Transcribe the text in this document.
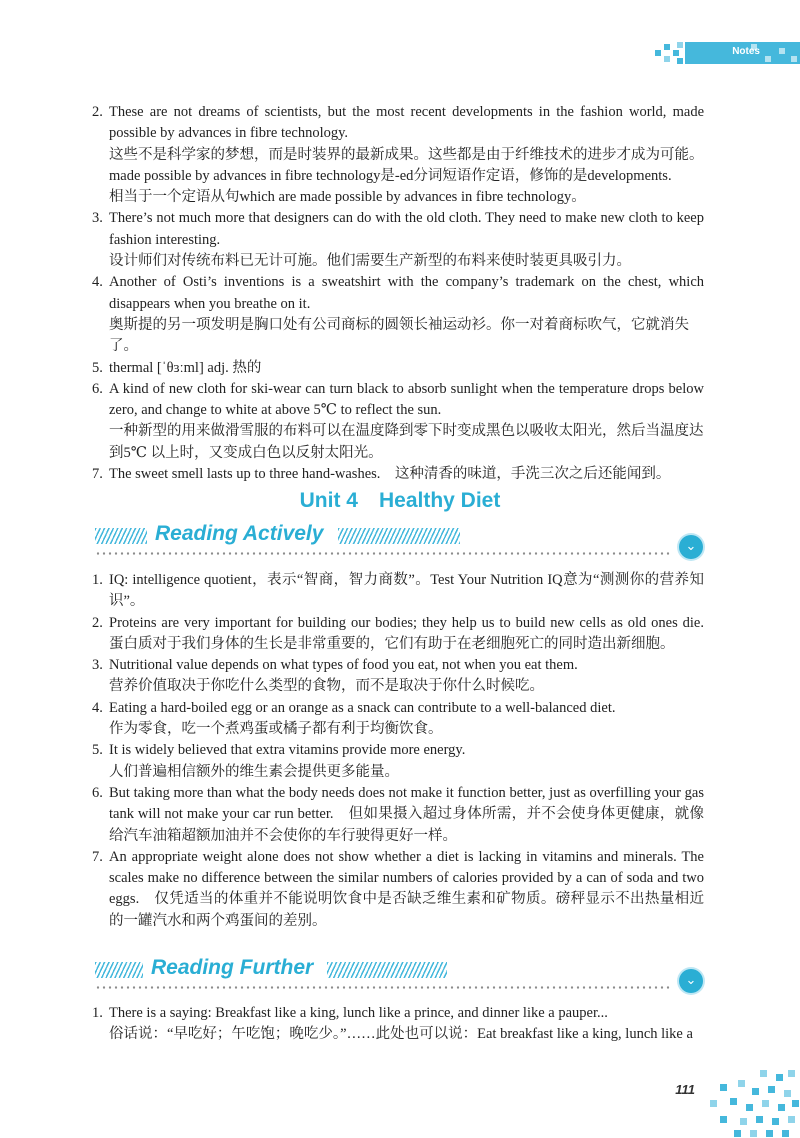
Notes
2. These are not dreams of scientists, but the most recent developments in the fashion world, made possible by advances in fibre technology.

这些不是科学家的梦想，而是时装界的最新成果。这些都是由于纤维技术的进步才成为可能。

made possible by advances in fibre technology是-ed分词短语作定语，修饰的是developments.

相当于一个定语从句which are made possible by advances in fibre technology。

3. There’s not much more that designers can do with the old cloth. They need to make new cloth to keep fashion interesting.

设计师们对传统布料已无计可施。他们需要生产新型的布料来使时装更具吸引力。

4. Another of Osti’s inventions is a sweatshirt with the company’s trademark on the chest, which disappears when you breathe on it.

奥斯提的另一项发明是胸口处有公司商标的圆领长袖运动衫。你一对着商标吹气，它就消失了。

5. thermal [ˈθɜːml] adj. 热的

6. A kind of new cloth for ski-wear can turn black to absorb sunlight when the temperature drops below zero, and change to white at above 5℃ to reflect the sun.

一种新型的用来做滑雪服的布料可以在温度降到零下时变成黑色以吸收太阳光，然后当温度达到5℃ 以上时，又变成白色以反射太阳光。

7. The sweet smell lasts up to three hand-washes.　这种清香的味道，手洗三次之后还能闻到。

Unit 4　Healthy Diet
Reading Actively
⌄
1. IQ: intelligence quotient，表示“智商，智力商数”。Test Your Nutrition IQ意为“测测你的营养知识”。

2. Proteins are very important for building our bodies; they help us to build new cells as old ones die.　蛋白质对于我们身体的生长是非常重要的，它们有助于在老细胞死亡的同时造出新细胞。

3. Nutritional value depends on what types of food you eat, not when you eat them.

营养价值取决于你吃什么类型的食物，而不是取决于你什么时候吃。

4. Eating a hard-boiled egg or an orange as a snack can contribute to a well-balanced diet.

作为零食，吃一个煮鸡蛋或橘子都有利于均衡饮食。

5. It is widely believed that extra vitamins provide more energy.

人们普遍相信额外的维生素会提供更多能量。

6. But taking more than what the body needs does not make it function better, just as overfilling your gas tank will not make your car run better.　但如果摄入超过身体所需，并不会使身体更健康，就像给汽车油箱超额加油并不会使你的车行驶得更好一样。

7. An appropriate weight alone does not show whether a diet is lacking in vitamins and minerals. The scales make no difference between the similar numbers of calories provided by a can of soda and two eggs.　仅凭适当的体重并不能说明饮食中是否缺乏维生素和矿物质。磅秤显示不出热量相近的一罐汽水和两个鸡蛋间的差别。

Reading Further
⌄
1. There is a saying: Breakfast like a king, lunch like a prince, and dinner like a pauper...

俗话说：“早吃好；午吃饱；晚吃少。”……此处也可以说：Eat breakfast like a king, lunch like a

111
